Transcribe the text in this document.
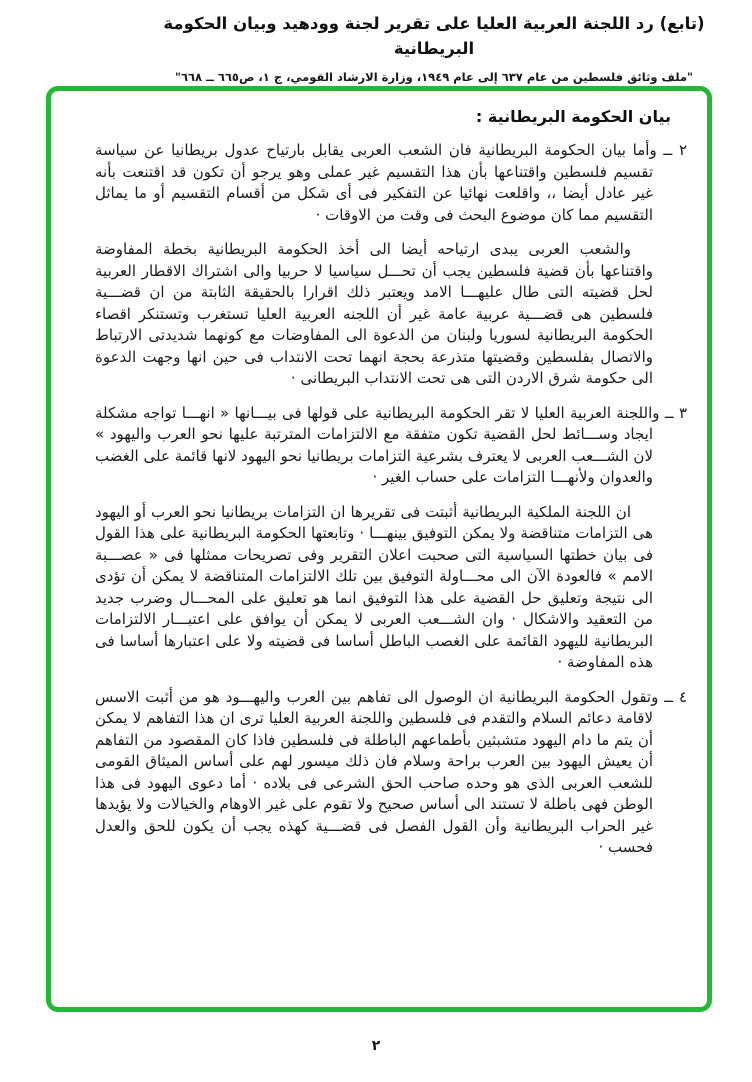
(تابع) رد اللجنة العربية العليا على تقرير لجنة وودهيد وبيان الحكومة البريطانية
"ملف وثائق فلسطين من عام ٦٣٧ إلى عام ١٩٤٩، وزارة الارشاد القومي، ج ١، ص٦٦٥ ــ ٦٦٨"
بيان الحكومة البريطانية :

٢ ــ وأما بيان الحكومة البريطانية فان الشعب العربى يقابل بارتياح عدول بريطانيا عن سياسة تقسيم فلسطين واقتناعها بأن هذا التقسيم غير عملى وهو يرجو أن تكون قد اقتنعت بأنه غير عادل أيضا ،، واقلعت نهائيا عن التفكير فى أى شكل من أقسام التقسيم أو ما يماثل التقسيم مما كان موضوع البحث فى وقت من الاوقات ·

والشعب العربى يبدى ارتياحه أيضا الى أخذ الحكومة البريطانية بخطة المفاوضة واقتناعها بأن قضية فلسطين يجب أن تحـــل سياسيا لا حربيا والى اشتراك الاقطار العربية لحل قضيته التى طال عليهـــا الامد ويعتبر ذلك اقرارا بالحقيقة الثابتة من ان قضـــية فلسطين هى قضـــية عربية عامة غير أن اللجنه العربية العليا تستغرب وتستنكر اقصاء الحكومة البريطانية لسوريا ولبنان من الدعوة الى المفاوضات مع كونهما شديدتى الارتباط والاتصال بفلسطين وقضيتها متذرعة بحجة انهما تحت الانتداب فى حين انها وجهت الدعوة الى حكومة شرق الاردن التى هى تحت الانتداب البريطانى ·

٣ ــ واللجنة العربية العليا لا تقر الحكومة البريطانية على قولها فى بيـــانها « انهـــا تواجه مشكلة ايجاد وســـائط لحل القضية تكون متفقة مع الالتزامات المترتبة عليها نحو العرب واليهود » لان الشـــعب العربى لا يعترف بشرعية التزامات بريطانيا نحو اليهود لانها قائمة على الغضب والعدوان ولأنهـــا التزامات على حساب الغير ·

ان اللجنة الملكية البريطانية أثبتت فى تقريرها ان التزامات بريطانيا نحو العرب أو اليهود هى التزامات متناقضة ولا يمكن التوفيق بينهـــا · وتابعتها الحكومة البريطانية على هذا القول فى بيان خطتها السياسية التى صحبت اعلان التقرير وفى تصريحات ممثلها فى « عصـــبة الامم » فالعودة الآن الى محـــاولة التوفيق بين تلك الالتزامات المتناقضة لا يمكن أن تؤدى الى نتيجة وتعليق حل القضية على هذا التوفيق انما هو تعليق على المحـــال وضرب جديد من التعقيد والاشكال · وان الشـــعب العربى لا يمكن أن يوافق على اعتبـــار الالتزامات البريطانية لليهود القائمة على الغصب الباطل أساسا فى قضيته ولا على اعتبارها أساسا فى هذه المفاوضة ·

٤ ــ وتقول الحكومة البريطانية ان الوصول الى تفاهم بين العرب واليهـــود هو من أثبت الاسس لاقامة دعائم السلام والتقدم فى فلسطين واللجنة العربية العليا ترى ان هذا التفاهم لا يمكن أن يتم ما دام اليهود متشبثين بأطماعهم الباطلة فى فلسطين فاذا كان المقصود من التفاهم أن يعيش اليهود بين العرب براحة وسلام فان ذلك ميسور لهم على أساس الميثاق القومى للشعب العربى الذى هو وحده صاحب الحق الشرعى فى بلاده · أما دعوى اليهود فى هذا الوطن فهى باطلة لا تستند الى أساس صحيح ولا تقوم على غير الاوهام والخيالات ولا يؤيدها غير الحراب البريطانية وأن القول الفصل فى قضـــية كهذه يجب أن يكون للحق والعدل فحسب ·

٢
